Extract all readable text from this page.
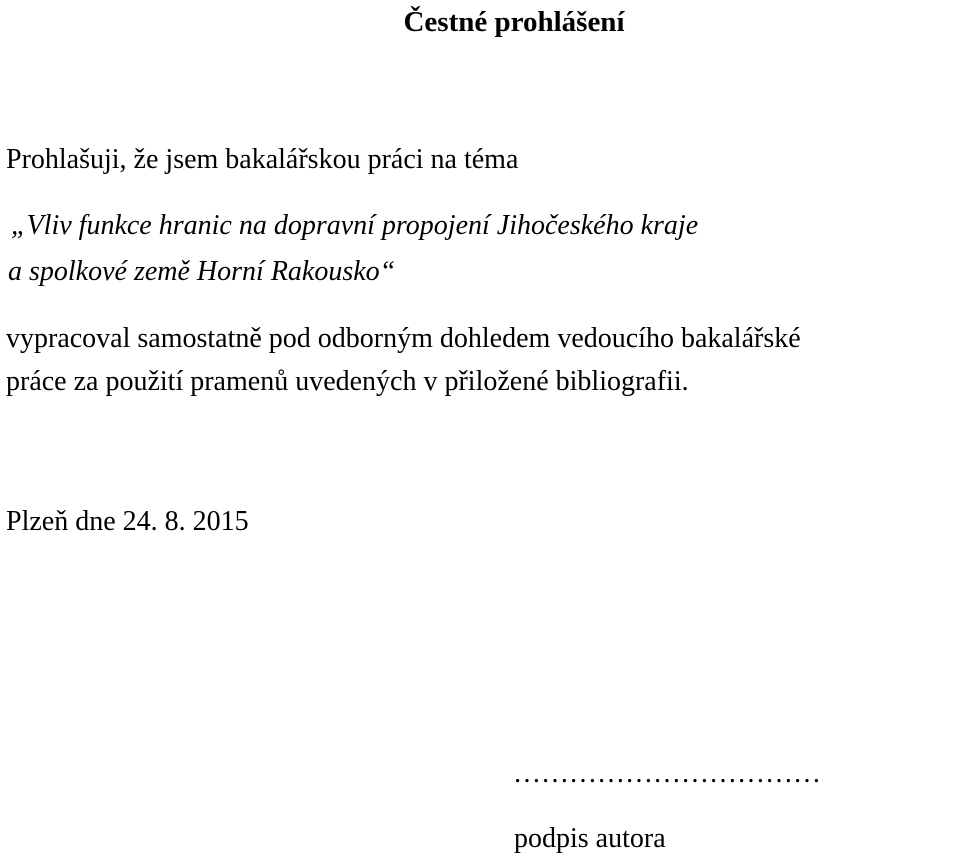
Čestné prohlášení

Prohlašuji, že jsem bakalářskou práci na téma

„Vliv funkce hranic na dopravní propojení Jihočeského kraje

a spolkové země Horní Rakousko“

vypracoval samostatně pod odborným dohledem vedoucího bakalářské

práce za použití pramenů uvedených v přiložené bibliografii.

Plzeň dne 24. 8. 2015

……………………………

podpis autora
